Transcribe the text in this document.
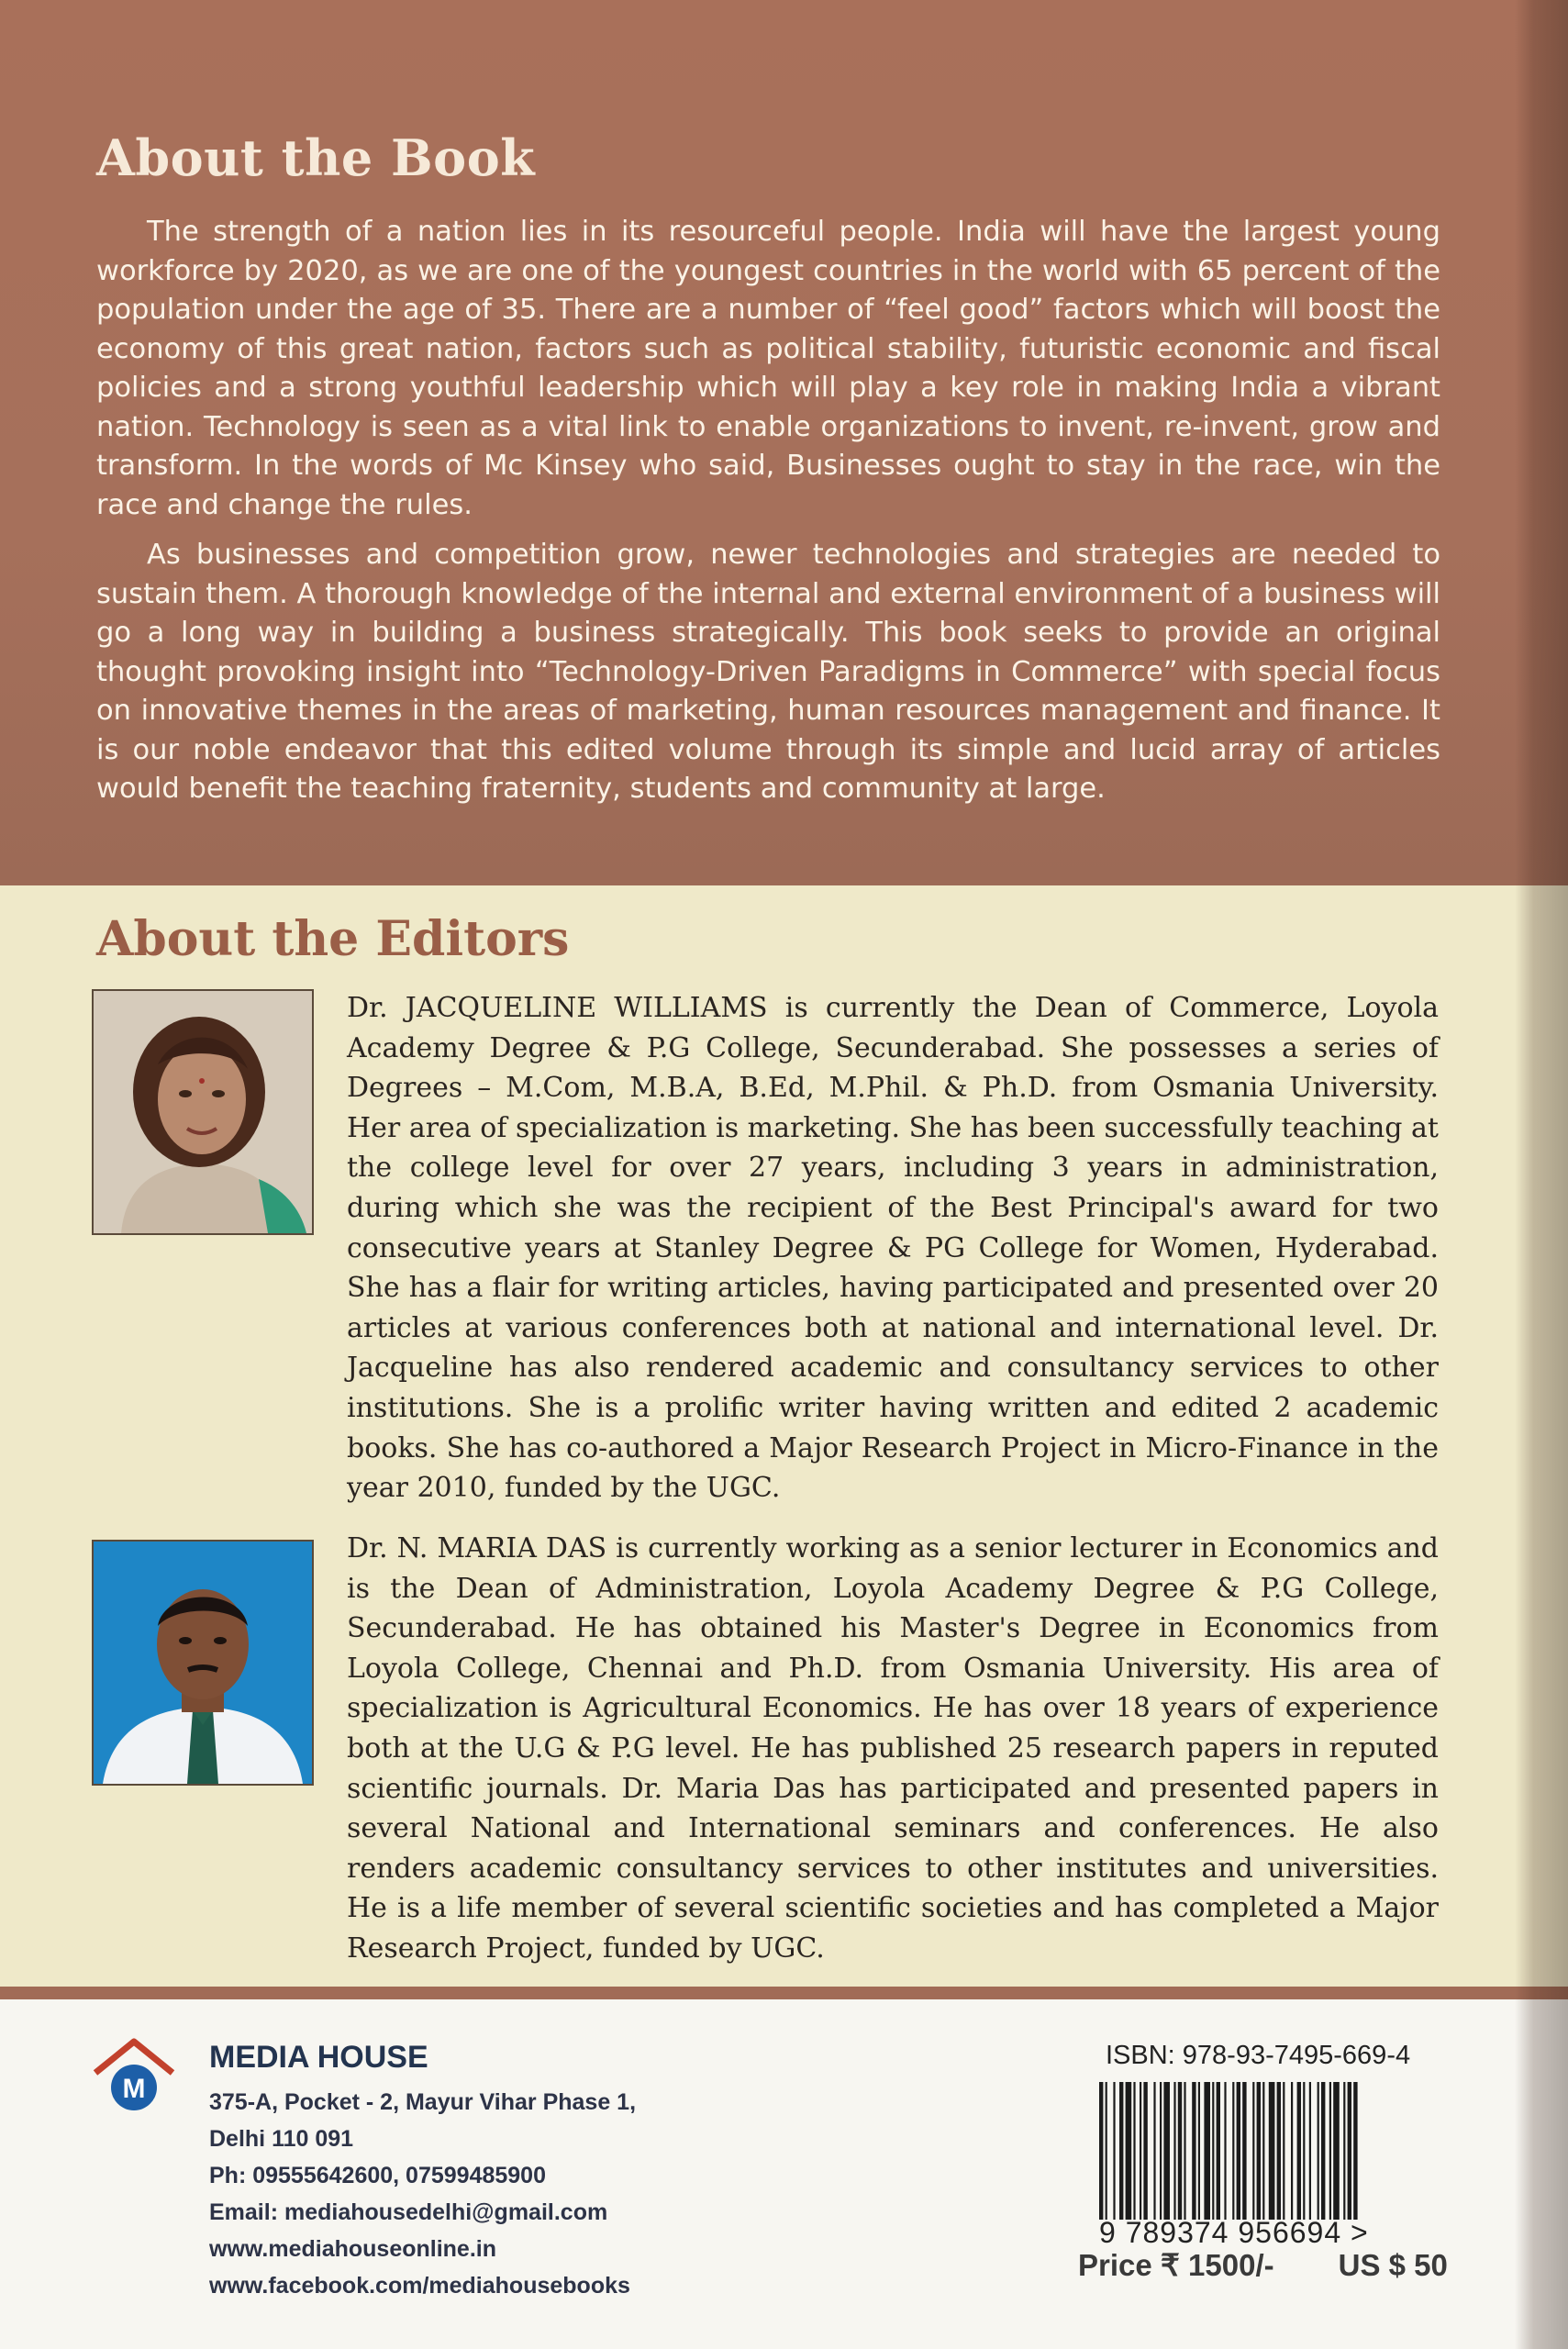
About the Book

The strength of a nation lies in its resourceful people. India will have the largest young workforce by 2020, as we are one of the youngest countries in the world with 65 percent of the population under the age of 35. There are a number of “feel good” factors which will boost the economy of this great nation, factors such as political stability, futuristic economic and fiscal policies and a strong youthful leadership which will play a key role in making India a vibrant nation. Technology is seen as a vital link to enable organizations to invent, re-invent, grow and transform. In the words of Mc Kinsey who said, Businesses ought to stay in the race, win the race and change the rules.

As businesses and competition grow, newer technologies and strategies are needed to sustain them. A thorough knowledge of the internal and external environment of a business will go a long way in building a business strategically. This book seeks to provide an original thought provoking insight into “Technology-Driven Paradigms in Commerce” with special focus on innovative themes in the areas of marketing, human resources management and finance. It is our noble endeavor that this edited volume through its simple and lucid array of articles would benefit the teaching fraternity, students and community at large.

About the Editors

Dr. JACQUELINE WILLIAMS is currently the Dean of Commerce, Loyola Academy Degree & P.G College, Secunderabad. She possesses a series of Degrees – M.Com, M.B.A, B.Ed, M.Phil. & Ph.D. from Osmania University. Her area of specialization is marketing. She has been successfully teaching at the college level for over 27 years, including 3 years in administration, during which she was the recipient of the Best Principal's award for two consecutive years at Stanley Degree & PG College for Women, Hyderabad. She has a flair for writing articles, having participated and presented over 20 articles at various conferences both at national and international level. Dr. Jacqueline has also rendered academic and consultancy services to other institutions. She is a prolific writer having written and edited 2 academic books. She has co-authored a Major Research Project in Micro-Finance in the year 2010, funded by the UGC.

Dr. N. MARIA DAS is currently working as a senior lecturer in Economics and is the Dean of Administration, Loyola Academy Degree & P.G College, Secunderabad. He has obtained his Master's Degree in Economics from Loyola College, Chennai and Ph.D. from Osmania University. His area of specialization is Agricultural Economics. He has over 18 years of experience both at the U.G & P.G level. He has published 25 research papers in reputed scientific journals. Dr. Maria Das has participated and presented papers in several National and International seminars and conferences. He also renders academic consultancy services to other institutes and universities. He is a life member of several scientific societies and has completed a Major Research Project, funded by UGC.

M
MEDIA HOUSE
375-A, Pocket - 2, Mayur Vihar Phase 1,
Delhi 110 091
Ph: 09555642600, 07599485900
Email: mediahousedelhi@gmail.com
www.mediahouseonline.in
www.facebook.com/mediahousebooks
ISBN: 978-93-7495-669-4
9 789374 956694 >
Price ₹ 1500/- US $ 50
